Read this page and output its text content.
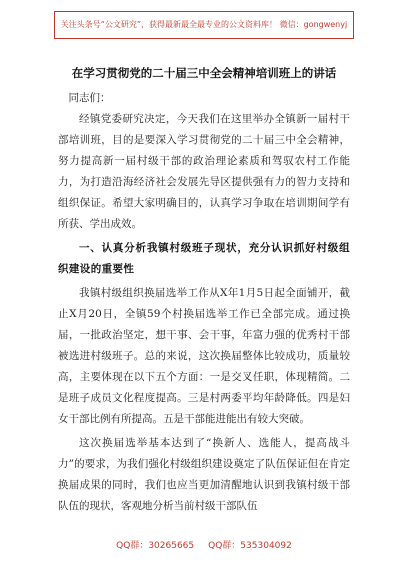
关注头条号“公文研究”，获得最新最全最专业的公文资料库！ 微信：gongwenyj
在学习贯彻党的二十届三中全会精神培训班上的讲话

同志们：

经镇党委研究决定，今天我们在这里举办全镇新一届村干部培训班，目的是要深入学习贯彻党的二十届三中全会精神，努力提高新一届村级干部的政治理论素质和驾驭农村工作能力，为打造沿海经济社会发展先导区提供强有力的智力支持和组织保证。希望大家明确目的，认真学习争取在培训期间学有所获、学出成效。

一、认真分析我镇村级班子现状，充分认识抓好村级组织建设的重要性

我镇村级组织换届选举工作从X年1月5日起全面铺开，截止X月20日，全镇59个村换届选举工作已全部完成。通过换届，一批政治坚定，想干事、会干事，年富力强的优秀村干部被选进村级班子。总的来说，这次换届整体比较成功，质量较高，主要体现在以下五个方面：一是交叉任职，体现精简。二是班子成员文化程度提高。三是村两委平均年龄降低。四是妇女干部比例有所提高。五是干部能进能出有较大突破。

这次换届选举基本达到了“换新人、选能人，提高战斗力”的要求，为我们强化村级组织建设奠定了队伍保证但在肯定换届成果的同时，我们也应当更加清醒地认识到我镇村级干部队伍的现状，客观地分析当前村级干部队伍

QQ群：30265665 QQ群：535304092
